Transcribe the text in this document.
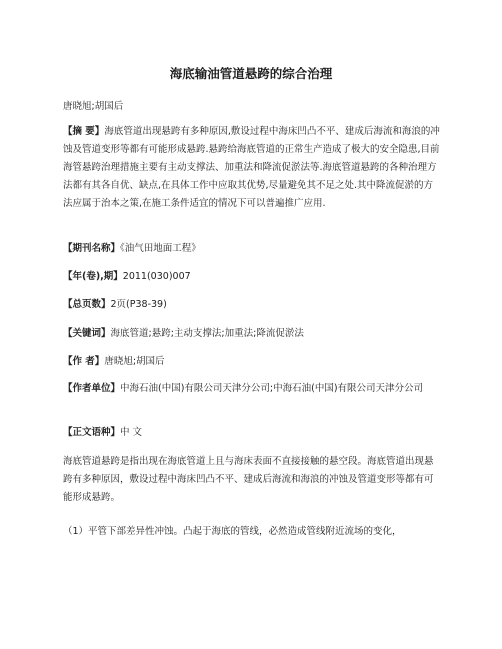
海底输油管道悬跨的综合治理
唐晓旭;胡国后

【摘 要】海底管道出现悬跨有多种原因,敷设过程中海床凹凸不平、建成后海流和海浪的冲蚀及管道变形等都有可能形成悬跨.悬跨给海底管道的正常生产造成了极大的安全隐患,目前海管悬跨治理措施主要有主动支撑法、加重法和降流促淤法等.海底管道悬跨的各种治理方法都有其各自优、缺点,在具体工作中应取其优势,尽量避免其不足之处.其中降流促淤的方法应属于治本之策,在施工条件适宜的情况下可以普遍推广应用.

【期刊名称】《油气田地面工程》

【年(卷),期】2011(030)007

【总页数】2页(P38-39)

【关键词】海底管道;悬跨;主动支撑法;加重法;降流促淤法

【作 者】唐晓旭;胡国后

【作者单位】中海石油(中国)有限公司天津分公司;中海石油(中国)有限公司天津分公司

【正文语种】中 文

海底管道悬跨是指出现在海底管道上且与海床表面不直接接触的悬空段。海底管道出现悬跨有多种原因，敷设过程中海床凹凸不平、建成后海流和海浪的冲蚀及管道变形等都有可能形成悬跨。

（1）平管下部差异性冲蚀。凸起于海底的管线，必然造成管线附近流场的变化，
